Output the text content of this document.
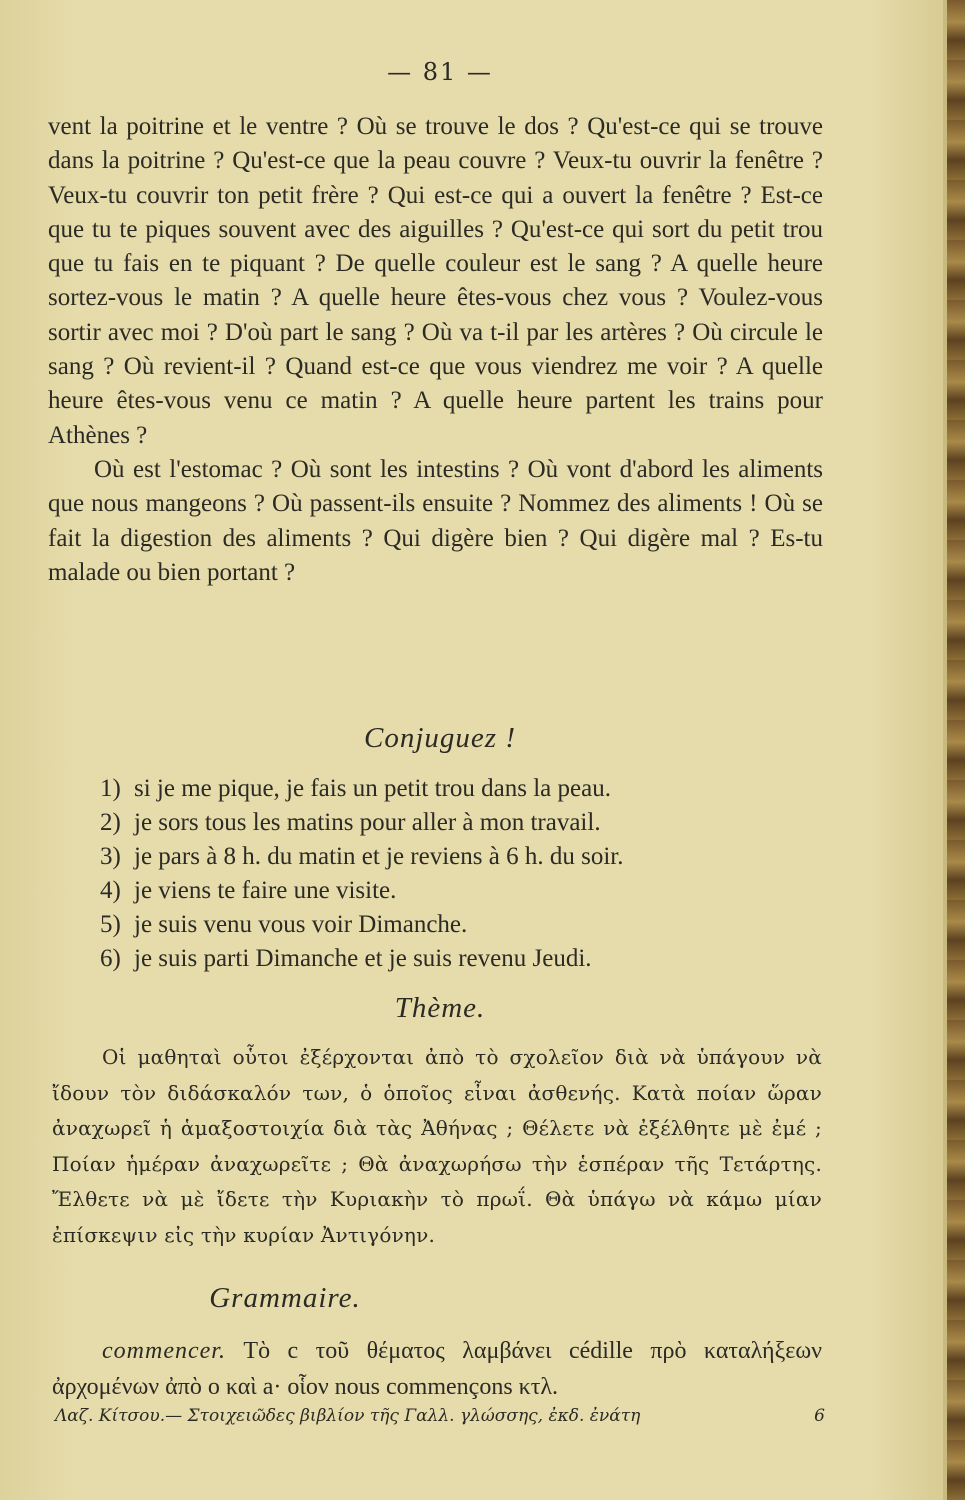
— 81 —

vent la poitrine et le ventre ? Où se trouve le dos ? Qu'est-ce qui se trouve dans la poitrine ? Qu'est-ce que la peau couvre ? Veux-tu ouvrir la fenêtre ? Veux-tu couvrir ton petit frère ? Qui est-ce qui a ouvert la fenêtre ? Est-ce que tu te piques souvent avec des aiguilles ? Qu'est-ce qui sort du petit trou que tu fais en te piquant ? De quelle couleur est le sang ? A quelle heure sortez-vous le matin ? A quelle heure êtes-vous chez vous ? Voulez-vous sortir avec moi ? D'où part le sang ? Où va t-il par les artères ? Où circule le sang ? Où revient-il ? Quand est-ce que vous viendrez me voir ? A quelle heure êtes-vous venu ce matin ? A quelle heure partent les trains pour Athènes ?

Où est l'estomac ? Où sont les intestins ? Où vont d'abord les aliments que nous mangeons ? Où passent-ils ensuite ? Nommez des aliments ! Où se fait la digestion des aliments ? Qui digère bien ? Qui digère mal ? Es-tu malade ou bien portant ?

Conjuguez !
1) si je me pique, je fais un petit trou dans la peau.
2) je sors tous les matins pour aller à mon travail.
3) je pars à 8 h. du matin et je reviens à 6 h. du soir.
4) je viens te faire une visite.
5) je suis venu vous voir Dimanche.
6) je suis parti Dimanche et je suis revenu Jeudi.
Thème.

Οἱ μαθηταὶ οὗτοι ἐξέρχονται ἀπὸ τὸ σχολεῖον διὰ νὰ ὑπάγουν νὰ ἴδουν τὸν διδάσκαλόν των, ὁ ὁποῖος εἶναι ἀσθενής. Κατὰ ποίαν ὥραν ἀναχωρεῖ ἡ ἁμαξοστοιχία διὰ τὰς Ἀθήνας ; Θέλετε νὰ ἐξέλθητε μὲ ἐμέ ; Ποίαν ἡμέραν ἀναχωρεῖτε ; Θὰ ἀναχωρήσω τὴν ἑσπέραν τῆς Τετάρτης. Ἔλθετε νὰ μὲ ἴδετε τὴν Κυριακὴν τὸ πρωΐ. Θὰ ὑπάγω νὰ κάμω μίαν ἐπίσκεψιν εἰς τὴν κυρίαν Ἀντιγόνην.

Grammaire.

commencer. Τὸ c τοῦ θέματος λαμβάνει cédille πρὸ καταλήξεων ἀρχομένων ἀπὸ o καὶ a· οἷον nous commençons κτλ.

Λαζ. Κίτσου.— Στοιχειῶδες βιβλίον τῆς Γαλλ. γλώσσης, ἐκδ. ἐνάτη	6
